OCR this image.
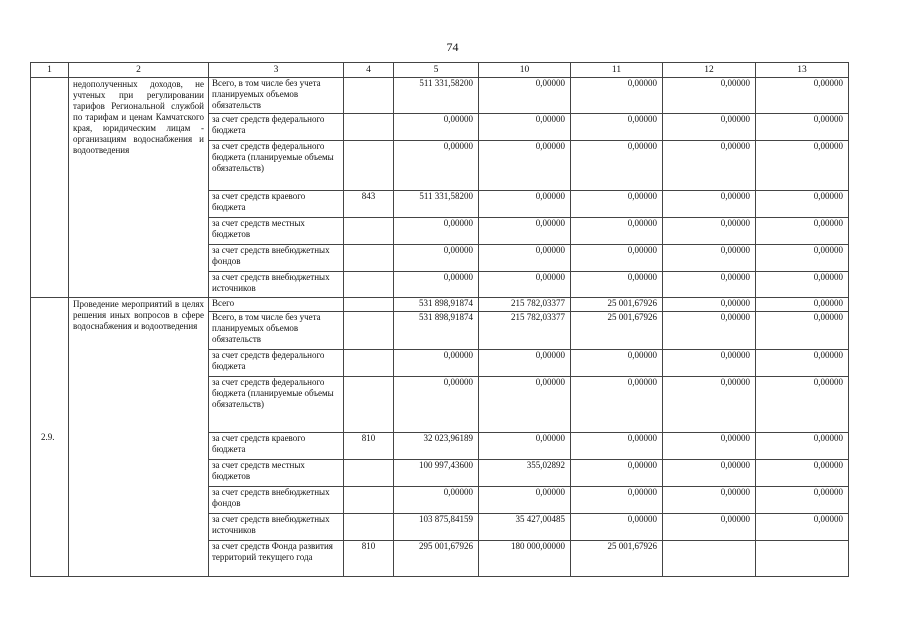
74
1	2	3	4	5	10	11	12	13
	недополученных доходов, не учтеных при регулировании тарифов Региональной службой по тарифам и ценам Камчатского края, юридическим лицам - организациям водоснабжения и водоотведения	Всего, в том числе без учета планируемых объемов обязательств		511 331,58200	0,00000	0,00000	0,00000	0,00000
		за счет средств федерального бюджета		0,00000	0,00000	0,00000	0,00000	0,00000
		за счет средств федерального бюджета (планируемые объемы обязательств)		0,00000	0,00000	0,00000	0,00000	0,00000
		за счет средств краевого бюджета	843	511 331,58200	0,00000	0,00000	0,00000	0,00000
		за счет средств местных бюджетов		0,00000	0,00000	0,00000	0,00000	0,00000
		за счет средств внебюджетных фондов		0,00000	0,00000	0,00000	0,00000	0,00000
		за счет средств внебюджетных источников		0,00000	0,00000	0,00000	0,00000	0,00000
2.9.	Проведение мероприятий в целях решения иных вопросов в сфере водоснабжения и водоотведения	Всего		531 898,91874	215 782,03377	25 001,67926	0,00000	0,00000
		Всего, в том числе без учета планируемых объемов обязательств		531 898,91874	215 782,03377	25 001,67926	0,00000	0,00000
		за счет средств федерального бюджета		0,00000	0,00000	0,00000	0,00000	0,00000
		за счет средств федерального бюджета (планируемые объемы обязательств)		0,00000	0,00000	0,00000	0,00000	0,00000
		за счет средств краевого бюджета	810	32 023,96189	0,00000	0,00000	0,00000	0,00000
		за счет средств местных бюджетов		100 997,43600	355,02892	0,00000	0,00000	0,00000
		за счет средств внебюджетных фондов		0,00000	0,00000	0,00000	0,00000	0,00000
		за счет средств внебюджетных источников		103 875,84159	35 427,00485	0,00000	0,00000	0,00000
		за счет средств Фонда развития территорий текущего года	810	295 001,67926	180 000,00000	25 001,67926		
